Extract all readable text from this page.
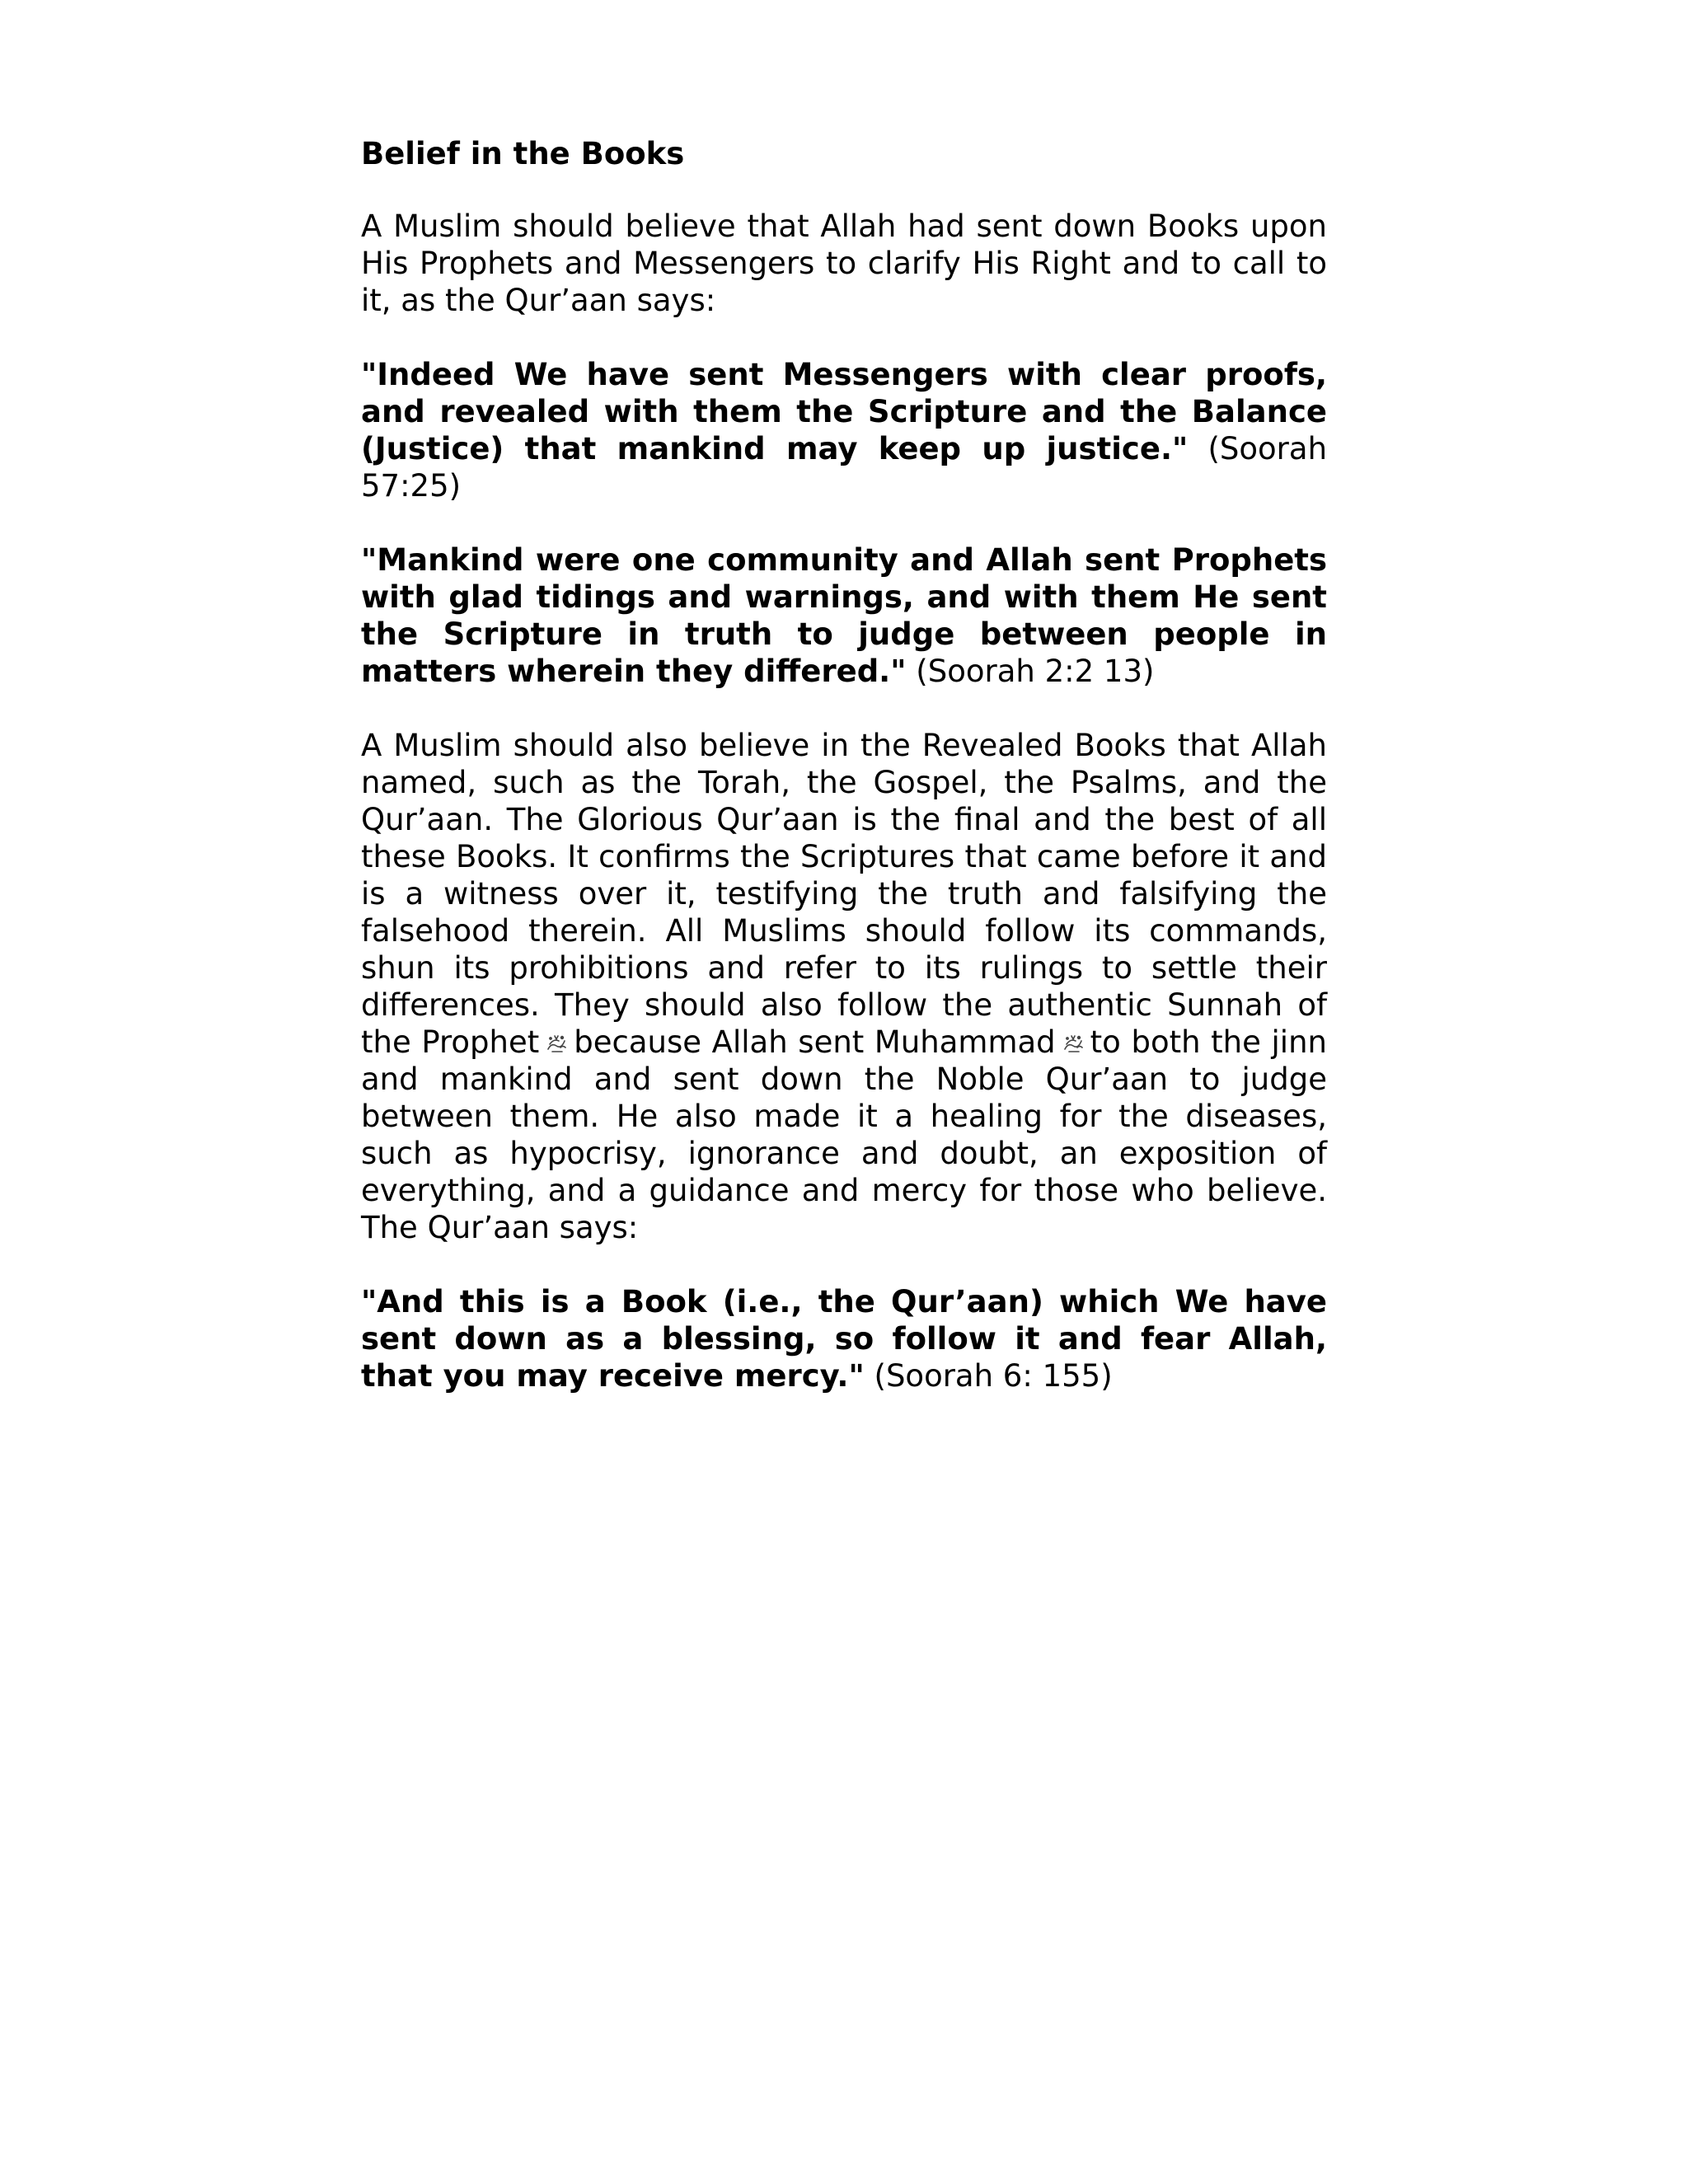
Belief in the Books

A Muslim should believe that Allah had sent down Books upon His Prophets and Messengers to clarify His Right and to call to it, as the Qur’aan says:

"Indeed We have sent Messengers with clear proofs, and revealed with them the Scripture and the Balance (Justice) that mankind may keep up justice." (Soorah 57:25)

"Mankind were one community and Allah sent Prophets with glad tidings and warnings, and with them He sent the Scripture in truth to judge between people in matters wherein they differed." (Soorah 2:2 13)

A Muslim should also believe in the Revealed Books that Allah named, such as the Torah, the Gospel, the Psalms, and the Qur’aan. The Glorious Qur’aan is the final and the best of all these Books. It confirms the Scriptures that came before it and is a witness over it, testifying the truth and falsifying the falsehood therein. All Muslims should follow its commands, shun its prohibitions and refer to its rulings to settle their differences. They should also follow the authentic Sunnah of the Prophet because Allah sent Muhammad to both the jinn and mankind and sent down the Noble Qur’aan to judge between them. He also made it a healing for the diseases, such as hypocrisy, ignorance and doubt, an exposition of everything, and a guidance and mercy for those who believe. The Qur’aan says:

"And this is a Book (i.e., the Qur’aan) which We have sent down as a blessing, so follow it and fear Allah, that you may receive mercy." (Soorah 6: 155)
